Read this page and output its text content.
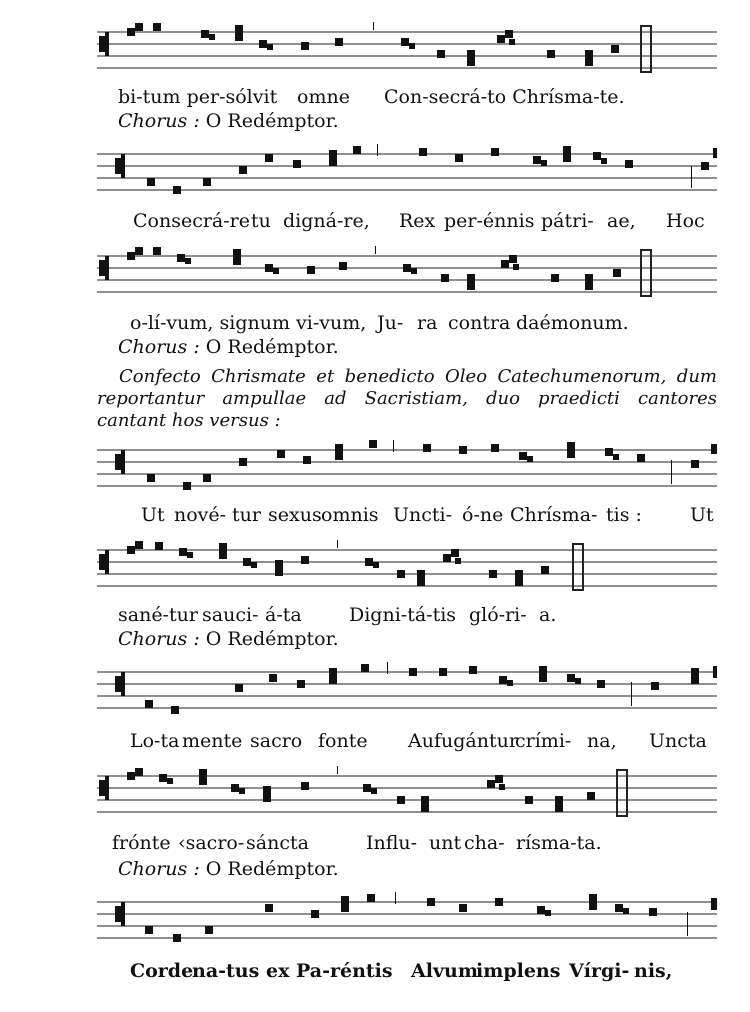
bi-tum per-sólvit omne Con-secrá-to Chrísma-te.
Chorus : O Redémptor.
Consecrá-re tu digná-re, Rex per-énnis pátri- ae, Hoc
o-lí-vum, signum vi-vum, Ju- ra contra daémonum.
Chorus : O Redémptor.

Confecto Chrismate et benedicto Oleo Catechumenorum, dum reportantur ampullae ad Sacristiam, duo praedicti cantores cantant hos versus :

Ut nové- tur sexus omnis Uncti- ó-ne Chrísma- tis :	Ut
sané-tur sauci- á-ta Digni-tá-tis gló-ri- a.
Chorus : O Redémptor.
Lo-ta mente sacro fonte Aufugántur
crími- na, Uncta
frónte ‹sacro- sáncta	Influ- unt cha- rísma-ta.
Chorus : O Redémptor.
Corde
na-tus ex Pa-réntis Alvum
implens Vírgi- nis,
